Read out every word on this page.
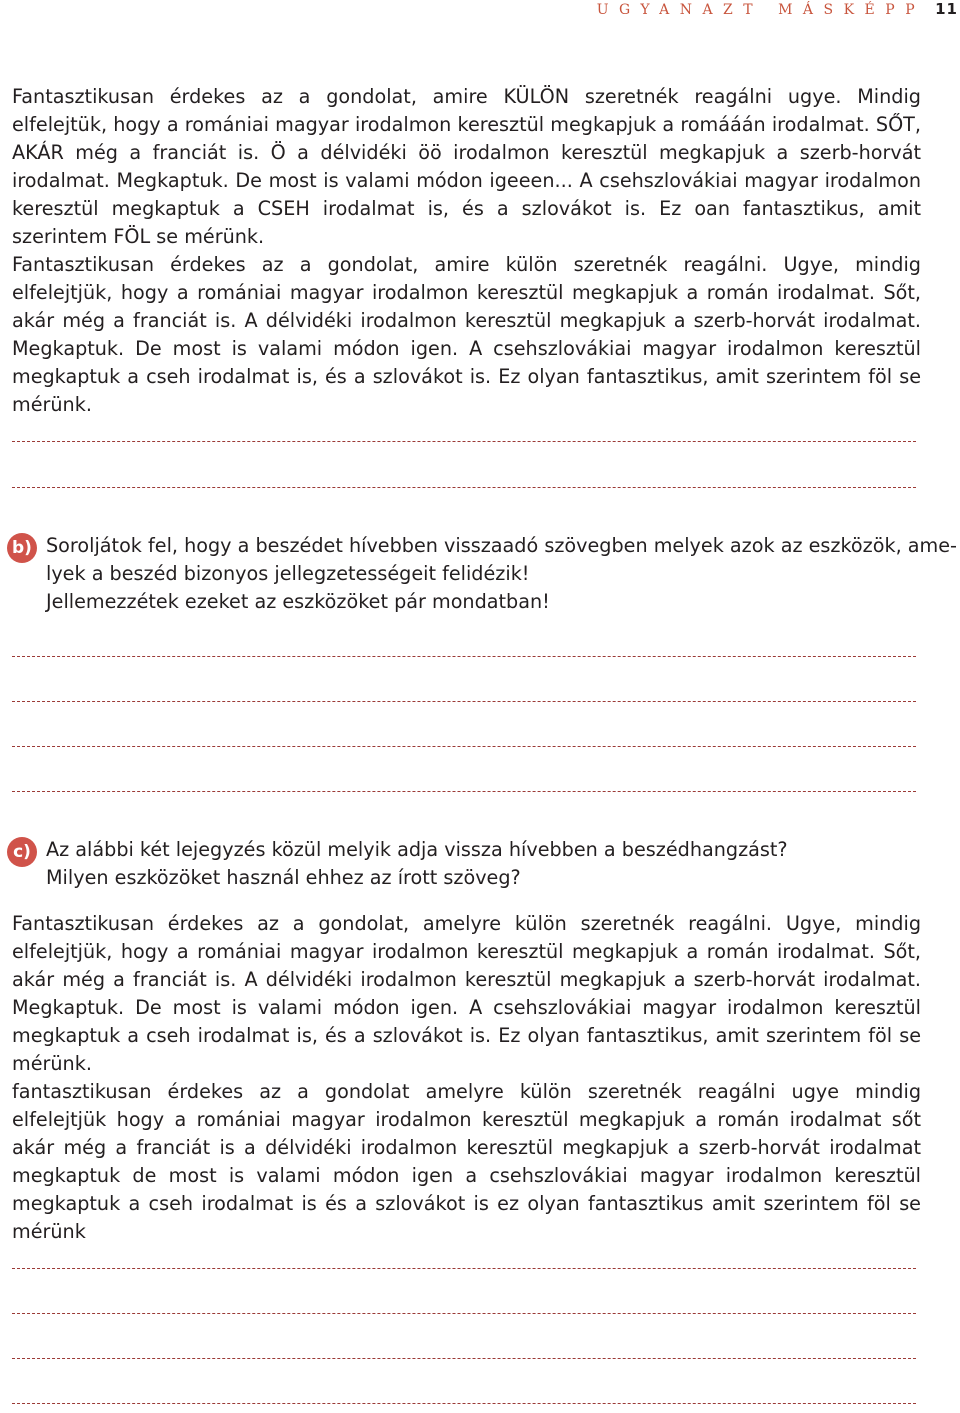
UGYANAZT MÁSKÉPP 11
Fantasztikusan érdekes az a gondolat, amire KÜLÖN szeretnék reagálni ugye. Mindig elfelejtük, hogy a romániai magyar irodalmon keresztül megkapjuk a romááán irodalmat. SŐT, AKÁR még a franciát is. Ö a délvidéki öö irodalmon keresztül megkapjuk a szerb-horvát irodalmat. Megkaptuk. De most is valami módon igeeen... A csehszlovákiai magyar irodalmon keresztül megkaptuk a CSEH irodalmat is, és a szlovákot is. Ez oan fantasztikus, amit szerintem FÖL se mérünk.
Fantasztikusan érdekes az a gondolat, amire külön szeretnék reagálni. Ugye, mindig elfelejtjük, hogy a romániai magyar irodalmon keresztül megkapjuk a román irodalmat. Sőt, akár még a franciát is. A délvidéki irodalmon keresztül megkapjuk a szerb-horvát irodalmat. Megkaptuk. De most is valami módon igen. A csehszlovákiai magyar irodalmon keresztül megkaptuk a cseh irodalmat is, és a szlovákot is. Ez olyan fantasztikus, amit szerintem föl se mérünk.
b) Soroljátok fel, hogy a beszédet hívebben visszaadó szövegben melyek azok az eszközök, ame-
lyek a beszéd bizonyos jellegzetességeit felidézik!
Jellemezzétek ezeket az eszközöket pár mondatban!
c) Az alábbi két lejegyzés közül melyik adja vissza hívebben a beszédhangzást?
Milyen eszközöket használ ehhez az írott szöveg?
Fantasztikusan érdekes az a gondolat, amelyre külön szeretnék reagálni. Ugye, mindig elfelejtjük, hogy a romániai magyar irodalmon keresztül megkapjuk a román irodalmat. Sőt, akár még a franciát is. A délvidéki irodalmon keresztül megkapjuk a szerb-horvát irodalmat. Megkaptuk. De most is valami módon igen. A csehszlovákiai magyar irodalmon keresztül megkaptuk a cseh irodalmat is, és a szlovákot is. Ez olyan fantasztikus, amit szerintem föl se mérünk.
fantasztikusan érdekes az a gondolat amelyre külön szeretnék reagálni ugye mindig elfelejtjük hogy a romániai magyar irodalmon keresztül megkapjuk a román irodalmat sőt akár még a franciát is a délvidéki irodalmon keresztül megkapjuk a szerb-horvát irodalmat megkaptuk de most is valami módon igen a csehszlovákiai magyar irodalmon keresztül megkaptuk a cseh irodalmat is és a szlovákot is ez olyan fantasztikus amit szerintem föl se mérünk
